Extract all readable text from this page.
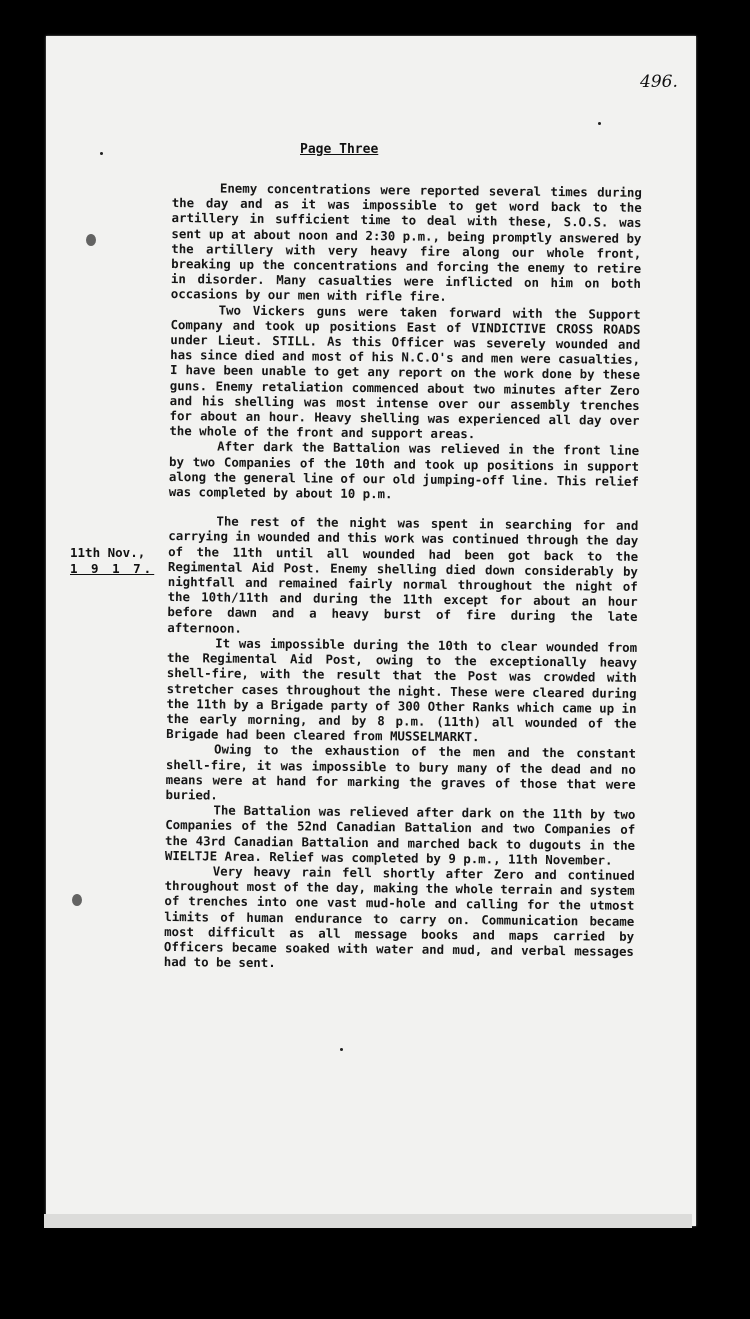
496.
Page Three
11th Nov.,
1 9 1 7.

Enemy concentrations were reported several times during the day and as it was impossible to get word back to the artillery in sufficient time to deal with these, S.O.S. was sent up at about noon and 2:30 p.m., being promptly answered by the artillery with very heavy fire along our whole front, breaking up the concentrations and forcing the enemy to retire in disorder. Many casualties were inflicted on him on both occasions by our men with rifle fire.

Two Vickers guns were taken forward with the Support Company and took up positions East of VINDICTIVE CROSS ROADS under Lieut. STILL. As this Officer was severely wounded and has since died and most of his N.C.O's and men were casualties, I have been unable to get any report on the work done by these guns. Enemy retaliation commenced about two minutes after Zero and his shelling was most intense over our assembly trenches for about an hour. Heavy shelling was experienced all day over the whole of the front and support areas.

After dark the Battalion was relieved in the front line by two Companies of the 10th and took up positions in support along the general line of our old jumping-off line. This relief was completed by about 10 p.m.

The rest of the night was spent in searching for and carrying in wounded and this work was continued through the day of the 11th until all wounded had been got back to the Regimental Aid Post. Enemy shelling died down considerably by nightfall and remained fairly normal throughout the night of the 10th/11th and during the 11th except for about an hour before dawn and a heavy burst of fire during the late afternoon.

It was impossible during the 10th to clear wounded from the Regimental Aid Post, owing to the exceptionally heavy shell-fire, with the result that the Post was crowded with stretcher cases throughout the night. These were cleared during the 11th by a Brigade party of 300 Other Ranks which came up in the early morning, and by 8 p.m. (11th) all wounded of the Brigade had been cleared from MUSSELMARKT.

Owing to the exhaustion of the men and the constant shell-fire, it was impossible to bury many of the dead and no means were at hand for marking the graves of those that were buried.

The Battalion was relieved after dark on the 11th by two Companies of the 52nd Canadian Battalion and two Companies of the 43rd Canadian Battalion and marched back to dugouts in the WIELTJE Area. Relief was completed by 9 p.m., 11th November.

Very heavy rain fell shortly after Zero and continued throughout most of the day, making the whole terrain and system of trenches into one vast mud-hole and calling for the utmost limits of human endurance to carry on. Communication became most difficult as all message books and maps carried by Officers became soaked with water and mud, and verbal messages had to be sent.
